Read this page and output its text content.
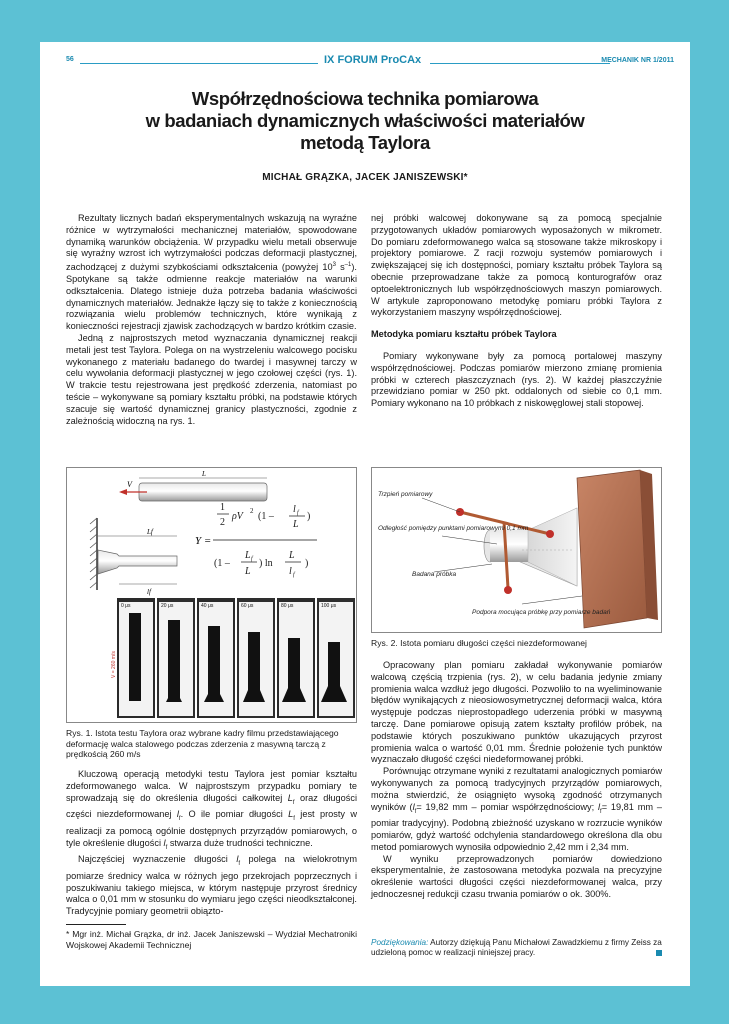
56	IX FORUM ProCAx	MECHANIK NR 1/2011
Współrzędnościowa technika pomiarowa
w badaniach dynamicznych właściwości materiałów
metodą Taylora
MICHAŁ GRĄZKA, JACEK JANISZEWSKI*

Rezultaty licznych badań eksperymentalnych wskazują na wyraźne różnice w wytrzymałości mechanicznej materiałów, spowodowane dynamiką warunków obciążenia. W przypadku wielu metali obserwuje się wyraźny wzrost ich wytrzymałości podczas deformacji plastycznej, zachodzącej z dużymi szybkościami odkształcenia (powyżej $10^3$ $s^{-1}$). Spotykane są także odmienne reakcje materiałów na warunki odkształcenia. Dlatego istnieje duża potrzeba badania właściwości dynamicznych materiałów. Jednakże łączy się to także z koniecznością rozwiązania wielu problemów technicznych, które wynikają z konieczności rejestracji zjawisk zachodzących w bardzo krótkim czasie.

Jedną z najprostszych metod wyznaczania dynamicznej reakcji metali jest test Taylora. Polega on na wystrzeleniu walcowego pocisku wykonanego z materiału badanego do twardej i masywnej tarczy w celu wywołania deformacji plastycznej w jego czołowej części (rys. 1). W trakcie testu rejestrowana jest prędkość zderzenia, natomiast po teście – wykonywane są pomiary kształtu próbki, na podstawie których szacuje się wartość dynamicznej granicy plastyczności, zgodnie z zależnością widoczną na rys. 1.

V
L
Lf
lf
Y =
1
2
ρV 2 (1 –
l f
L
)
(1 –
L f
L
) ln
L
l f
)
0 μs	20 μs	40 μs	60 μs	80 μs	100 μs
V = 260 m/s
Rys. 1. Istota testu Taylora oraz wybrane kadry filmu przedstawiającego deformację walca stalowego podczas zderzenia z masywną tarczą z prędkością 260 m/s

Kluczową operacją metodyki testu Taylora jest pomiar kształtu zdeformowanego walca. W najprostszym przypadku pomiary te sprowadzają się do określenia długości całkowitej $L_f$ oraz długości części niezdeformowanej $l_f$. O ile pomiar długości $L_f$ jest prosty w realizacji za pomocą ogólnie dostępnych przyrządów pomiarowych, o tyle określenie długości $l_f$ stwarza duże trudności techniczne.

Najczęściej wyznaczenie długości $l_f$ polega na wielokrotnym pomiarze średnicy walca w różnych jego przekrojach poprzecznych i poszukiwaniu takiego miejsca, w którym następuje przyrost średnicy walca o 0,01 mm w stosunku do wymiaru jego części nieodkształconej. Tradycyjnie pomiary geometrii obiązto-

* Mgr inż. Michał Grązka, dr inż. Jacek Janiszewski – Wydział Mechatroniki Wojskowej Akademii Technicznej

nej próbki walcowej dokonywane są za pomocą specjalnie przygotowanych układów pomiarowych wyposażonych w mikrometr. Do pomiaru zdeformowanego walca są stosowane także mikroskopy i projektory pomiarowe. Z racji rozwoju systemów pomiarowych i zwiększającej się ich dostępności, pomiary kształtu próbek Taylora są obecnie przeprowadzane także za pomocą konturografów oraz optoelektronicznych lub współrzędnościowych maszyn pomiarowych. W artykule zaproponowano metodykę pomiaru próbki Taylora z wykorzystaniem maszyny współrzędnościowej.

Metodyka pomiaru kształtu próbek Taylora

Pomiary wykonywane były za pomocą portalowej maszyny współrzędnościowej. Podczas pomiarów mierzono zmianę promienia próbki w czterech płaszczyznach (rys. 2). W każdej płaszczyźnie przewidziano pomiar w 250 pkt. oddalonych od siebie co 0,1 mm. Pomiary wykonano na 10 próbkach z niskowęglowej stali stopowej.

Trzpień pomiarowy
Odległość pomiędzy punktami pomiarowymi 0,1 mm
Badana próbka
Podpora mocująca próbkę przy pomiarze badań
Rys. 2. Istota pomiaru długości części niezdeformowanej

Opracowany plan pomiaru zakładał wykonywanie pomiarów walcową częścią trzpienia (rys. 2), w celu badania jedynie zmiany promienia walca wzdłuż jego długości. Pozwoliło to na wyeliminowanie błędów wynikających z nieosiowosymetrycznej deformacji walca, która występuje podczas nieprostopadłego uderzenia próbki w masywną tarczę. Dane pomiarowe opisują zatem kształty profilów próbek, na podstawie których poszukiwano punktów ukazujących przyrost promienia walca o wartość 0,01 mm. Średnie położenie tych punktów wyznaczało długość części niedeformowanej próbki.

Porównując otrzymane wyniki z rezultatami analogicznych pomiarów wykonywanych za pomocą tradycyjnych przyrządów pomiarowych, można stwierdzić, że osiągnięto wysoką zgodność otrzymanych wyników ($l_f= 19,82$ mm – pomiar współrzędnościowy; $l_f= 19,81$ mm – pomiar tradycyjny). Podobną zbieżność uzyskano w rozrzucie wyników pomiarów, gdyż wartość odchylenia standardowego określona dla obu metod pomiarowych wynosiła odpowiednio 2,42 mm i 2,34 mm.

W wyniku przeprowadzonych pomiarów dowiedziono eksperymentalnie, że zastosowana metodyka pozwala na precyzyjne określenie wartości długości części niezdeformowanej walca, przy jednoczesnej redukcji czasu trwania pomiarów o ok. 300%.

Podziękowania: Autorzy dziękują Panu Michałowi Zawadzkiemu z firmy Zeiss za udzieloną pomoc w realizacji niniejszej pracy.
